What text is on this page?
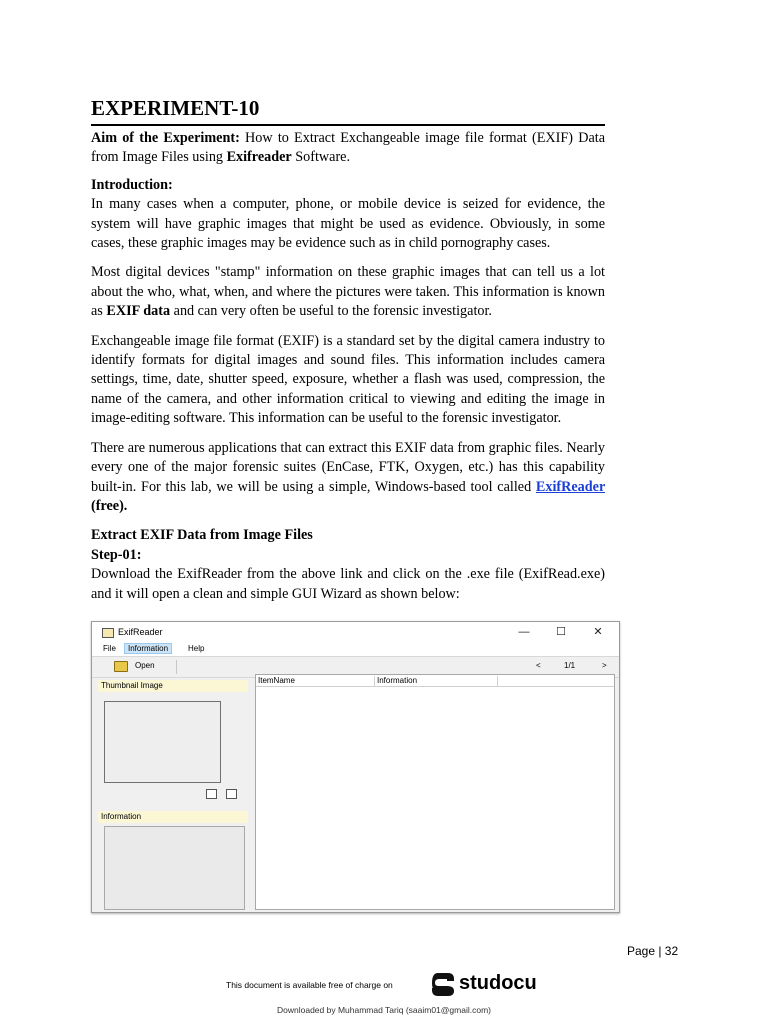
EXPERIMENT-10

Aim of the Experiment: How to Extract Exchangeable image file format (EXIF) Data from Image Files using Exifreader Software.

Introduction:

In many cases when a computer, phone, or mobile device is seized for evidence, the system will have graphic images that might be used as evidence. Obviously, in some cases, these graphic images may be evidence such as in child pornography cases.

Most digital devices "stamp" information on these graphic images that can tell us a lot about the who, what, when, and where the pictures were taken. This information is known as EXIF data and can very often be useful to the forensic investigator.

Exchangeable image file format (EXIF) is a standard set by the digital camera industry to identify formats for digital images and sound files. This information includes camera settings, time, date, shutter speed, exposure, whether a flash was used, compression, the name of the camera, and other information critical to viewing and editing the image in image-editing software. This information can be useful to the forensic investigator.

There are numerous applications that can extract this EXIF data from graphic files. Nearly every one of the major forensic suites (EnCase, FTK, Oxygen, etc.) has this capability built-in. For this lab, we will be using a simple, Windows-based tool called ExifReader (free).

Extract EXIF Data from Image Files

Step-01:

Download the ExifReader from the above link and click on the .exe file (ExifRead.exe) and it will open a clean and simple GUI Wizard as shown below:

ExifReader	—	☐	✕
File	Information	Help
Open	<	1/1	>
Thumbnail Image
Information
ItemName	Information
Page | 32
This document is available free of charge on	studocu
Downloaded by Muhammad Tariq (saaim01@gmail.com)
